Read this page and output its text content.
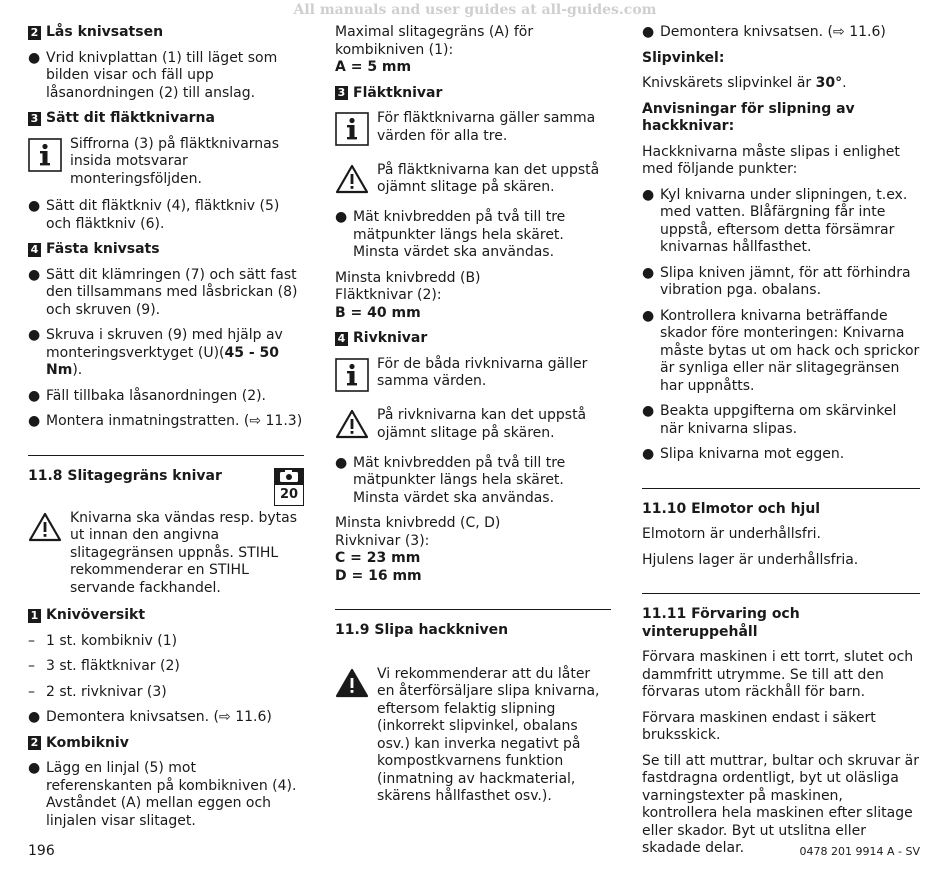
All manuals and user guides at all-guides.com
2 Lås knivsatsen
● Vrid knivplattan (1) till läget som bilden visar och fäll upp låsanordningen (2) till anslag.
3 Sätt dit fläktknivarna
Siffrorna (3) på fläktknivarnas insida motsvarar monteringsföljden.
● Sätt dit fläktkniv (4), fläktkniv (5) och fläktkniv (6).
4 Fästa knivsats
● Sätt dit klämringen (7) och sätt fast den tillsammans med låsbrickan (8) och skruven (9).
● Skruva i skruven (9) med hjälp av monteringsverktyget (U)(45 - 50 Nm).
● Fäll tillbaka låsanordningen (2).
● Montera inmatningstratten. (⇨ 11.3)
20
11.8 Slitagegräns knivar
Knivarna ska vändas resp. bytas ut innan den angivna slitagegränsen uppnås. STIHL rekommenderar en STIHL servande fackhandel.
1 Knivöversikt
– 1 st. kombikniv (1)
– 3 st. fläktknivar (2)
– 2 st. rivknivar (3)
● Demontera knivsatsen. (⇨ 11.6)
2 Kombikniv
● Lägg en linjal (5) mot referenskanten på kombikniven (4).
Avståndet (A) mellan eggen och linjalen visar slitaget.
Maximal slitagegräns (A) för kombikniven (1):
A = 5 mm
3 Fläktknivar
För fläktknivarna gäller samma värden för alla tre.
På fläktknivarna kan det uppstå ojämnt slitage på skären.
● Mät knivbredden på två till tre mätpunkter längs hela skäret. Minsta värdet ska användas.
Minsta knivbredd (B)
Fläktknivar (2):
B = 40 mm
4 Rivknivar
För de båda rivknivarna gäller samma värden.
På rivknivarna kan det uppstå ojämnt slitage på skären.
● Mät knivbredden på två till tre mätpunkter längs hela skäret. Minsta värdet ska användas.
Minsta knivbredd (C, D)
Rivknivar (3):
C = 23 mm
D = 16 mm
11.9 Slipa hackkniven
Vi rekommenderar att du låter en återförsäljare slipa knivarna, eftersom felaktig slipning (inkorrekt slipvinkel, obalans osv.) kan inverka negativt på kompostkvarnens funktion (inmatning av hackmaterial, skärens hållfasthet osv.).
● Demontera knivsatsen. (⇨ 11.6)
Slipvinkel:

Knivskärets slipvinkel är 30°.

Anvisningar för slipning av hackknivar:

Hackknivarna måste slipas i enlighet med följande punkter:

● Kyl knivarna under slipningen, t.ex. med vatten. Blåfärgning får inte uppstå, eftersom detta försämrar knivarnas hållfasthet.
● Slipa kniven jämnt, för att förhindra vibration pga. obalans.
● Kontrollera knivarna beträffande skador före monteringen: Knivarna måste bytas ut om hack och sprickor är synliga eller när slitagegränsen har uppnåtts.
● Beakta uppgifterna om skärvinkel när knivarna slipas.
● Slipa knivarna mot eggen.
11.10 Elmotor och hjul

Elmotorn är underhållsfri.

Hjulens lager är underhållsfria.

11.11 Förvaring och vinteruppehåll

Förvara maskinen i ett torrt, slutet och dammfritt utrymme. Se till att den förvaras utom räckhåll för barn.

Förvara maskinen endast i säkert bruksskick.

Se till att muttrar, bultar och skruvar är fastdragna ordentligt, byt ut oläsliga varningstexter på maskinen, kontrollera hela maskinen efter slitage eller skador. Byt ut utslitna eller skadade delar.

196	0478 201 9914 A - SV
